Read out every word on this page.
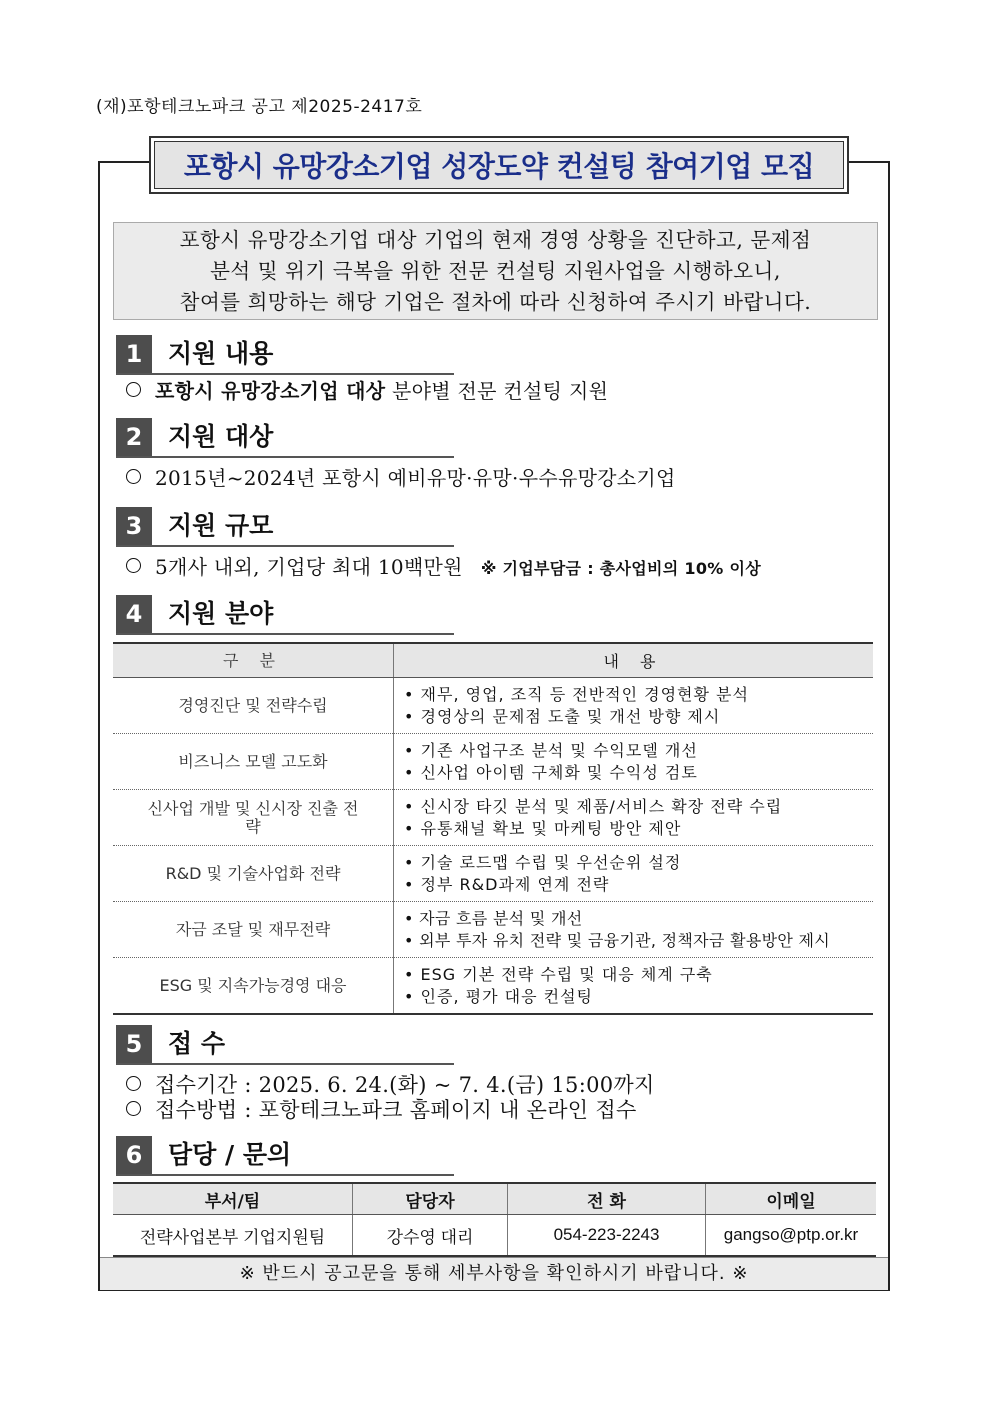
(재)포항테크노파크 공고 제2025-2417호
포항시 유망강소기업 성장도약 컨설팅 참여기업 모집
포항시 유망강소기업 대상 기업의 현재 경영 상황을 진단하고, 문제점
분석 및 위기 극복을 위한 전문 컨설팅 지원사업을 시행하오니,
참여를 희망하는 해당 기업은 절차에 따라 신청하여 주시기 바랍니다.
1	지원 내용
포항시 유망강소기업 대상 분야별 전문 컨설팅 지원
2	지원 대상
2015년~2024년 포항시 예비유망·유망·우수유망강소기업
3	지원 규모
5개사 내외, 기업당 최대 10백만원 ※ 기업부담금 : 총사업비의 10% 이상
4	지원 분야
구 분	내 용
경영진단 및 전략수립	• 재무, 영업, 조직 등 전반적인 경영현황 분석
• 경영상의 문제점 도출 및 개선 방향 제시

비즈니스 모델 고도화	• 기존 사업구조 분석 및 수익모델 개선
• 신사업 아이템 구체화 및 수익성 검토

신사업 개발 및 신시장 진출 전략	• 신시장 타깃 분석 및 제품/서비스 확장 전략 수립
• 유통채널 확보 및 마케팅 방안 제안

R&D 및 기술사업화 전략	• 기술 로드맵 수립 및 우선순위 설정
• 정부 R&D과제 연계 전략

자금 조달 및 재무전략	• 자금 흐름 분석 및 개선
• 외부 투자 유치 전략 및 금융기관, 정책자금 활용방안 제시

ESG 및 지속가능경영 대응	• ESG 기본 전략 수립 및 대응 체계 구축
• 인증, 평가 대응 컨설팅
5	접 수
접수기간 : 2025. 6. 24.(화) ~ 7. 4.(금) 15:00까지
접수방법 : 포항테크노파크 홈페이지 내 온라인 접수
6	담당 / 문의
부서/팀	담당자	전 화	이메일
전략사업본부 기업지원팀	강수영 대리	054-223-2243	gangso@ptp.or.kr
※ 반드시 공고문을 통해 세부사항을 확인하시기 바랍니다. ※
